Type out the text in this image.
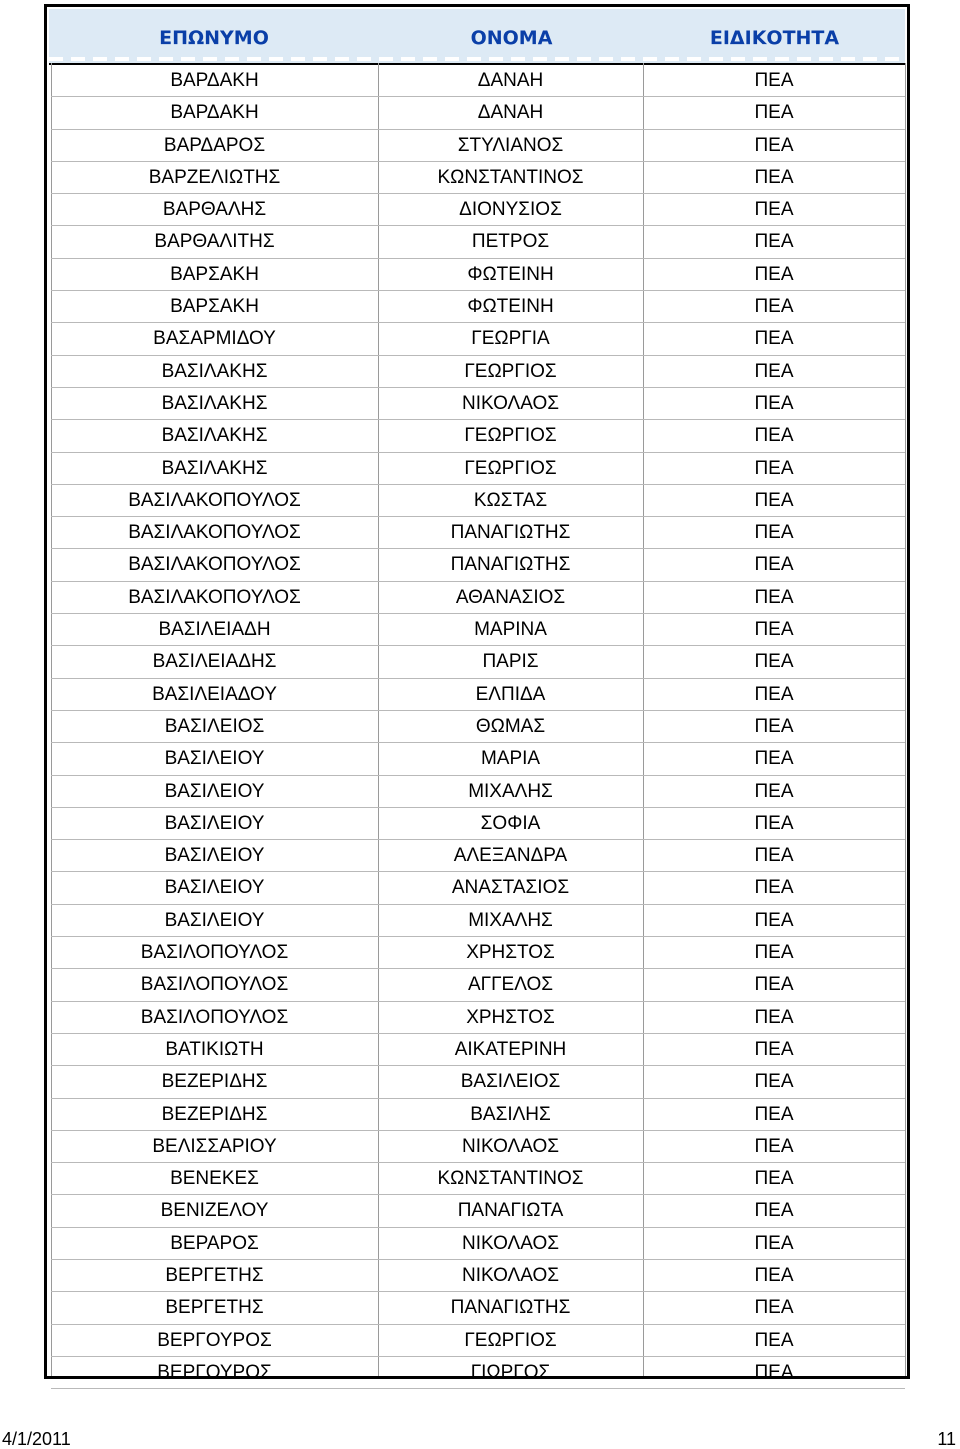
ΕΠΩΝΥΜΟ	ΟΝΟΜΑ	ΕΙΔΙΚΟΤΗΤΑ
ΒΑΡΔΑΚΗ	ΔΑΝΑΗ	ΠΕΑ
ΒΑΡΔΑΚΗ	ΔΑΝΑΗ	ΠΕΑ
ΒΑΡΔΑΡΟΣ	ΣΤΥΛΙΑΝΟΣ	ΠΕΑ
ΒΑΡΖΕΛΙΩΤΗΣ	ΚΩΝΣΤΑΝΤΙΝΟΣ	ΠΕΑ
ΒΑΡΘΑΛΗΣ	ΔΙΟΝΥΣΙΟΣ	ΠΕΑ
ΒΑΡΘΑΛΙΤΗΣ	ΠΕΤΡΟΣ	ΠΕΑ
ΒΑΡΣΑΚΗ	ΦΩΤΕΙΝΗ	ΠΕΑ
ΒΑΡΣΑΚΗ	ΦΩΤΕΙΝΗ	ΠΕΑ
ΒΑΣΑΡΜΙΔΟΥ	ΓΕΩΡΓΙΑ	ΠΕΑ
ΒΑΣΙΛΑΚΗΣ	ΓΕΩΡΓΙΟΣ	ΠΕΑ
ΒΑΣΙΛΑΚΗΣ	ΝΙΚΟΛΑΟΣ	ΠΕΑ
ΒΑΣΙΛΑΚΗΣ	ΓΕΩΡΓΙΟΣ	ΠΕΑ
ΒΑΣΙΛΑΚΗΣ	ΓΕΩΡΓΙΟΣ	ΠΕΑ
ΒΑΣΙΛΑΚΟΠΟΥΛΟΣ	ΚΩΣΤΑΣ	ΠΕΑ
ΒΑΣΙΛΑΚΟΠΟΥΛΟΣ	ΠΑΝΑΓΙΩΤΗΣ	ΠΕΑ
ΒΑΣΙΛΑΚΟΠΟΥΛΟΣ	ΠΑΝΑΓΙΩΤΗΣ	ΠΕΑ
ΒΑΣΙΛΑΚΟΠΟΥΛΟΣ	ΑΘΑΝΑΣΙΟΣ	ΠΕΑ
ΒΑΣΙΛΕΙΑΔΗ	ΜΑΡΙΝΑ	ΠΕΑ
ΒΑΣΙΛΕΙΑΔΗΣ	ΠΑΡΙΣ	ΠΕΑ
ΒΑΣΙΛΕΙΑΔΟΥ	ΕΛΠΙΔΑ	ΠΕΑ
ΒΑΣΙΛΕΙΟΣ	ΘΩΜΑΣ	ΠΕΑ
ΒΑΣΙΛΕΙΟΥ	ΜΑΡΙΑ	ΠΕΑ
ΒΑΣΙΛΕΙΟΥ	ΜΙΧΑΛΗΣ	ΠΕΑ
ΒΑΣΙΛΕΙΟΥ	ΣΟΦΙΑ	ΠΕΑ
ΒΑΣΙΛΕΙΟΥ	ΑΛΕΞΑΝΔΡΑ	ΠΕΑ
ΒΑΣΙΛΕΙΟΥ	ΑΝΑΣΤΑΣΙΟΣ	ΠΕΑ
ΒΑΣΙΛΕΙΟΥ	ΜΙΧΑΛΗΣ	ΠΕΑ
ΒΑΣΙΛΟΠΟΥΛΟΣ	ΧΡΗΣΤΟΣ	ΠΕΑ
ΒΑΣΙΛΟΠΟΥΛΟΣ	ΑΓΓΕΛΟΣ	ΠΕΑ
ΒΑΣΙΛΟΠΟΥΛΟΣ	ΧΡΗΣΤΟΣ	ΠΕΑ
ΒΑΤΙΚΙΩΤΗ	ΑΙΚΑΤΕΡΙΝΗ	ΠΕΑ
ΒΕΖΕΡΙΔΗΣ	ΒΑΣΙΛΕΙΟΣ	ΠΕΑ
ΒΕΖΕΡΙΔΗΣ	ΒΑΣΙΛΗΣ	ΠΕΑ
ΒΕΛΙΣΣΑΡΙΟΥ	ΝΙΚΟΛΑΟΣ	ΠΕΑ
ΒΕΝΕΚΕΣ	ΚΩΝΣΤΑΝΤΙΝΟΣ	ΠΕΑ
ΒΕΝΙΖΕΛΟΥ	ΠΑΝΑΓΙΩΤΑ	ΠΕΑ
ΒΕΡΑΡΟΣ	ΝΙΚΟΛΑΟΣ	ΠΕΑ
ΒΕΡΓΕΤΗΣ	ΝΙΚΟΛΑΟΣ	ΠΕΑ
ΒΕΡΓΕΤΗΣ	ΠΑΝΑΓΙΩΤΗΣ	ΠΕΑ
ΒΕΡΓΟΥΡΟΣ	ΓΕΩΡΓΙΟΣ	ΠΕΑ
ΒΕΡΓΟΥΡΟΣ	ΓΙΩΡΓΟΣ	ΠΕΑ
4/1/2011	11
